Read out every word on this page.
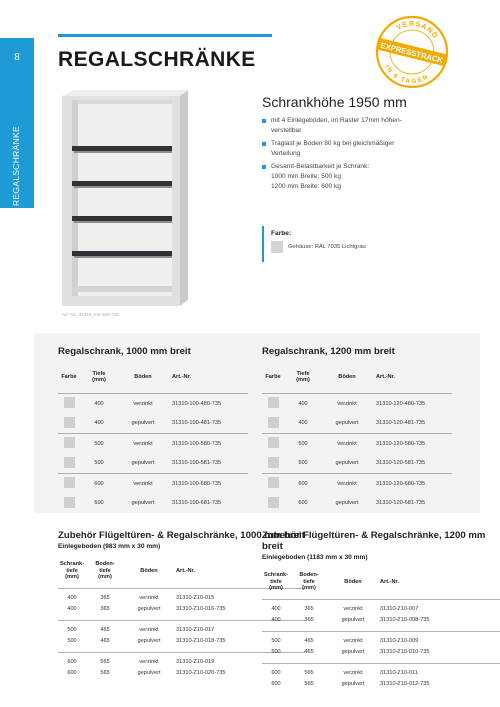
8
REGALSCHRÄNKE
REGALSCHRÄNKE
VERSAND
IN 6 TAGEN
EXPRESSTRACK
Art.-Nr.: 31310-100-480-735
Schrankhöhe 1950 mm
mit 4 Einlegeböden, im Raster 17mm höhen-
verstellbar
Traglast je Boden 80 kg bei gleichmäßiger
Verteilung
Gesamt-Belastbarkeit je Schrank:
1000 mm Breite: 500 kg
1200 mm Breite: 600 kg
Farbe:
Gehäuse: RAL 7035 Lichtgrau
Regalschrank, 1000 mm breit
Farbe
Tiefe
(mm)
Böden	Art.-Nr.
400	verzinkt	31310-100-480-735
400	gepulvert	31310-100-481-735
500	verzinkt	31310-100-580-735
500	gepulvert	31310-100-581-735
600	verzinkt	31310-100-680-735
600	gepulvert	31310-100-681-735
Regalschrank, 1200 mm breit
Farbe
Tiefe
(mm)
Böden	Art.-Nr.
400	verzinkt	31310-120-480-735
400	gepulvert	31310-120-481-735
500	verzinkt	31310-120-580-735
500	gepulvert	31310-120-581-735
600	verzinkt	31310-120-680-735
600	gepulvert	31310-120-681-735
Zubehör Flügeltüren- & Regalschränke, 1000 mm breit
Einlegeboden (983 mm x 30 mm)
Schrank-
tiefe
(mm)
Boden-
tiefe
(mm)
Böden	Art.-Nr.
400	365	verzinkt	31310-Z10-015
400	365	gepulvert	31310-Z10-016-735
500	465	verzinkt	31310-Z10-017
500	465	gepulvert	31310-Z10-018-735
600	565	verzinkt	31310-Z10-019
600	565	gepulvert	31310-Z10-020-735
Zubehör Flügeltüren- & Regalschränke, 1200 mm breit
Einlegeboden (1183 mm x 30 mm)
Schrank-
tiefe
(mm)
Boden-
tiefe
(mm)
Böden	Art.-Nr.
400	365	verzinkt	31310-Z10-007
400	365	gepulvert	31310-Z10-008-735
500	465	verzinkt	31310-Z10-009
500	465	gepulvert	31310-Z10-010-735
600	565	verzinkt	31310-Z10-011
600	565	gepulvert	31310-Z10-012-735
